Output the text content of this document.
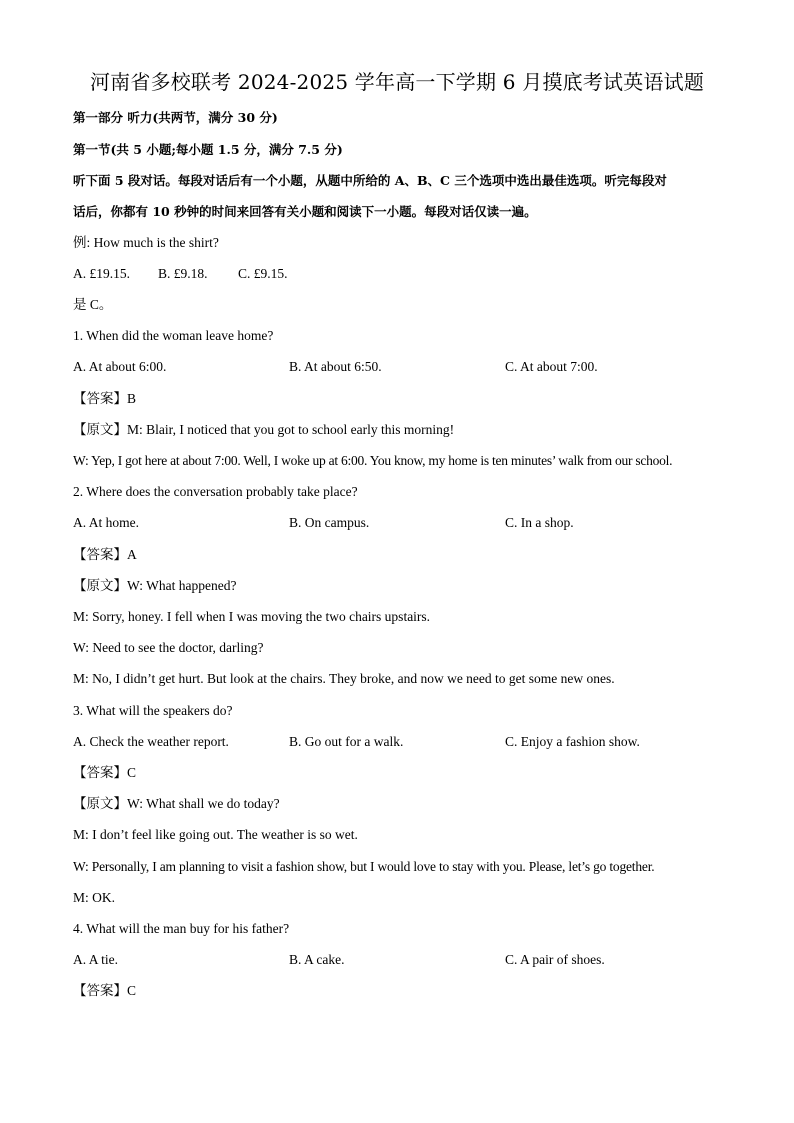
河南省多校联考 2024-2025 学年高一下学期 6 月摸底考试英语试题
第一部分 听力(共两节，满分 30 分)
第一节(共 5 小题;每小题 1.5 分，满分 7.5 分)
听下面 5 段对话。每段对话后有一个小题，从题中所给的 A、B、C 三个选项中选出最佳选项。听完每段对
话后，你都有 10 秒钟的时间来回答有关小题和阅读下一小题。每段对话仅读一遍。
例: How much is the shirt?
A. £19.15. B. £9.18. C. £9.15.
是 C。
1. When did the woman leave home?
A. At about 6:00.	B. At about 6:50.	C. At about 7:00.
【答案】B
【原文】M: Blair, I noticed that you got to school early this morning!
W: Yep, I got here at about 7:00. Well, I woke up at 6:00. You know, my home is ten minutes’ walk from our school.
2. Where does the conversation probably take place?
A. At home.	B. On campus.	C. In a shop.
【答案】A
【原文】W: What happened?
M: Sorry, honey. I fell when I was moving the two chairs upstairs.
W: Need to see the doctor, darling?
M: No, I didn’t get hurt. But look at the chairs. They broke, and now we need to get some new ones.
3. What will the speakers do?
A. Check the weather report.	B. Go out for a walk.	C. Enjoy a fashion show.
【答案】C
【原文】W: What shall we do today?
M: I don’t feel like going out. The weather is so wet.
W: Personally, I am planning to visit a fashion show, but I would love to stay with you. Please, let’s go together.
M: OK.
4. What will the man buy for his father?
A. A tie.	B. A cake.	C. A pair of shoes.
【答案】C
